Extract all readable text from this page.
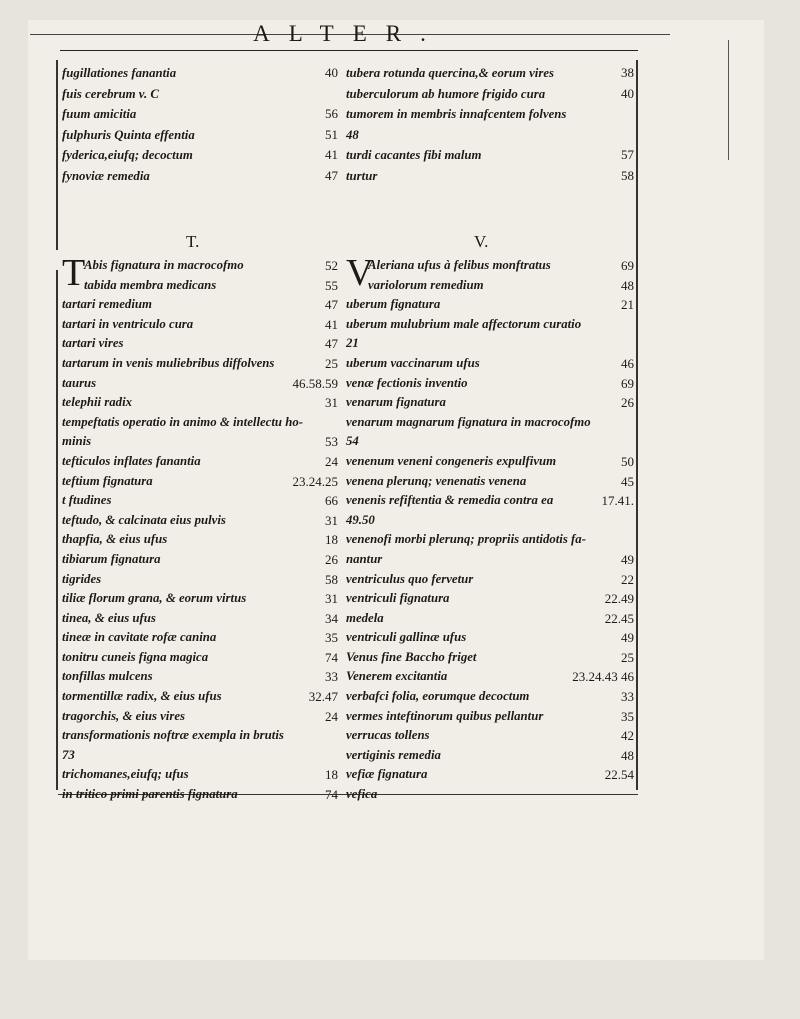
ALTER.
fugillationes fanantia	40
fuis cerebrum v. C
fuum amicitia	56
fulphuris Quinta effentia	51
fyderica,eiufq; decoctum	41
fynoviæ remedia	47
tubera rotunda quercina,& eorum vires	38
tuberculorum ab humore frigido cura	40
tumorem in membris innafcentem folvens
48
turdi cacantes fibi malum	57
turtur	58
T.	V.
T	V
Abis fignatura in macrocofmo	52
tabida membra medicans	55
tartari remedium	47
tartari in ventriculo cura	41
tartari vires	47
tartarum in venis muliebribus diffolvens	25
taurus	46.58.59
telephii radix	31
tempeftatis operatio in animo & intellectu ho-
minis	53
tefticulos inflates fanantia	24
teftium fignatura	23.24.25
t ftudines	66
teftudo, & calcinata eius pulvis	31
thapfia, & eius ufus	18
tibiarum fignatura	26
tigrides	58
tiliæ florum grana, & eorum virtus	31
tinea, & eius ufus	34
tineæ in cavitate rofæ canina	35
tonitru cuneis figna magica	74
tonfillas mulcens	33
tormentillæ radix, & eius ufus	32.47
tragorchis, & eius vires	24
transformationis noftræ exempla in brutis
73
trichomanes,eiufq; ufus	18
in tritico primi parentis fignatura	74
Aleriana ufus à felibus monftratus	69
variolorum remedium	48
uberum fignatura	21
uberum mulubrium male affectorum curatio
21
uberum vaccinarum ufus	46
venæ fectionis inventio	69
venarum fignatura	26
venarum magnarum fignatura in macrocofmo
54
venenum veneni congeneris expulfivum	50
venena plerunq; venenatis venena	45
venenis refiftentia & remedia contra ea	17.41.
49.50
venenofi morbi plerunq; propriis antidotis fa-
nantur	49
ventriculus quo fervetur	22
ventriculi fignatura	22.49
medela	22.45
ventriculi gallinæ ufus	49
Venus fine Baccho friget	25
Venerem excitantia	23.24.43 46
verbafci folia, eorumque decoctum	33
vermes inteftinorum quibus pellantur	35
verrucas tollens	42
vertiginis remedia	48
vefiæ fignatura	22.54
vefica
